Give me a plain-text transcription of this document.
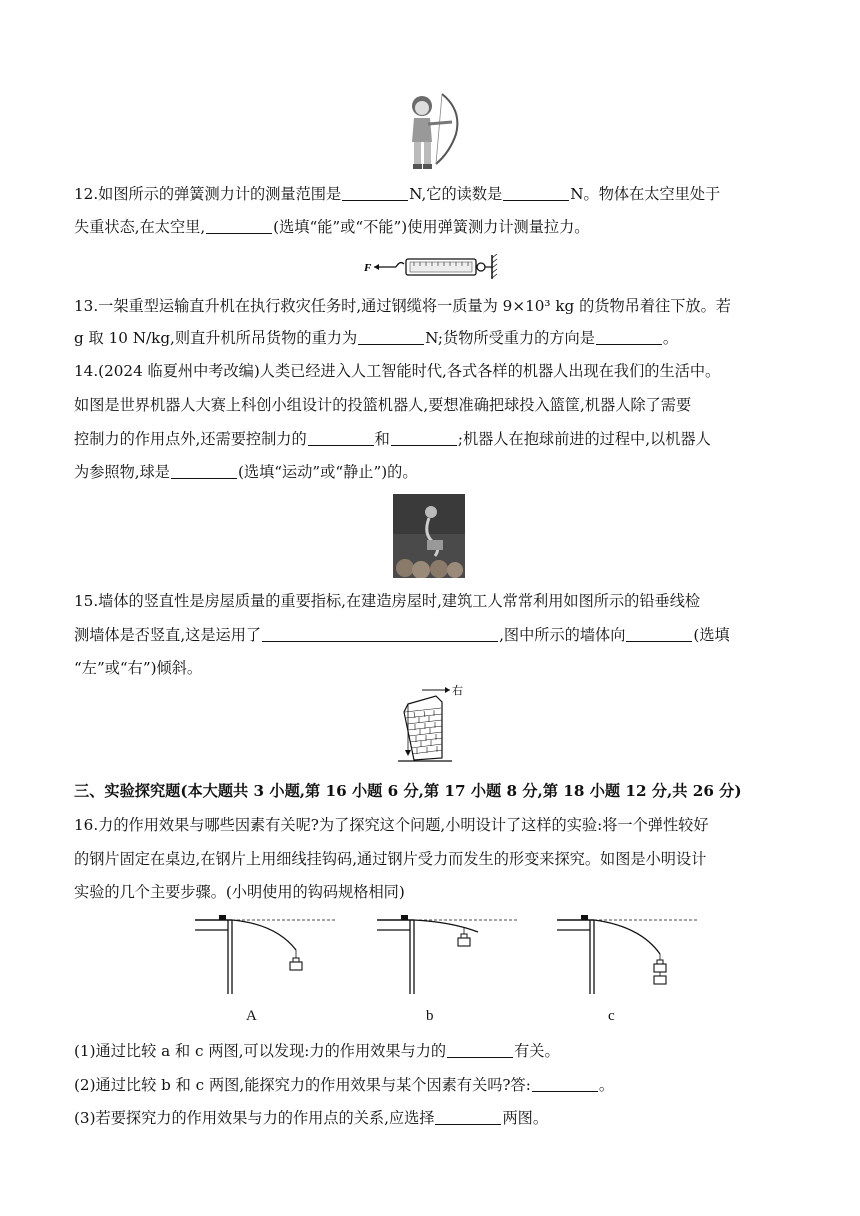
12.如图所示的弹簧测力计的测量范围是	N,它的读数是	N。物体在太空里处于
失重状态,在太空里,	(选填“能”或“不能”)使用弹簧测力计测量拉力。
F
13.一架重型运输直升机在执行救灾任务时,通过钢缆将一质量为 9×10³ kg 的货物吊着往下放。若
g 取 10 N/kg,则直升机所吊货物的重力为	N;货物所受重力的方向是	。
14.(2024 临夏州中考改编)人类已经进入人工智能时代,各式各样的机器人出现在我们的生活中。
如图是世界机器人大赛上科创小组设计的投篮机器人,要想准确把球投入篮筐,机器人除了需要
控制力的作用点外,还需要控制力的	和	;机器人在抱球前进的过程中,以机器人
为参照物,球是	(选填“运动”或“静止”)的。
15.墙体的竖直性是房屋质量的重要指标,在建造房屋时,建筑工人常常利用如图所示的铅垂线检
测墙体是否竖直,这是运用了	,图中所示的墙体向	(选填
“左”或“右”)倾斜。
右
三、实验探究题(本大题共 3 小题,第 16 小题 6 分,第 17 小题 8 分,第 18 小题 12 分,共 26 分)
16.力的作用效果与哪些因素有关呢?为了探究这个问题,小明设计了这样的实验:将一个弹性较好
的钢片固定在桌边,在钢片上用细线挂钩码,通过钢片受力而发生的形变来探究。如图是小明设计
实验的几个主要步骤。(小明使用的钩码规格相同)
A	b	c
(1)通过比较 a 和 c 两图,可以发现:力的作用效果与力的	有关。
(2)通过比较 b 和 c 两图,能探究力的作用效果与某个因素有关吗?答:	。
(3)若要探究力的作用效果与力的作用点的关系,应选择	两图。
